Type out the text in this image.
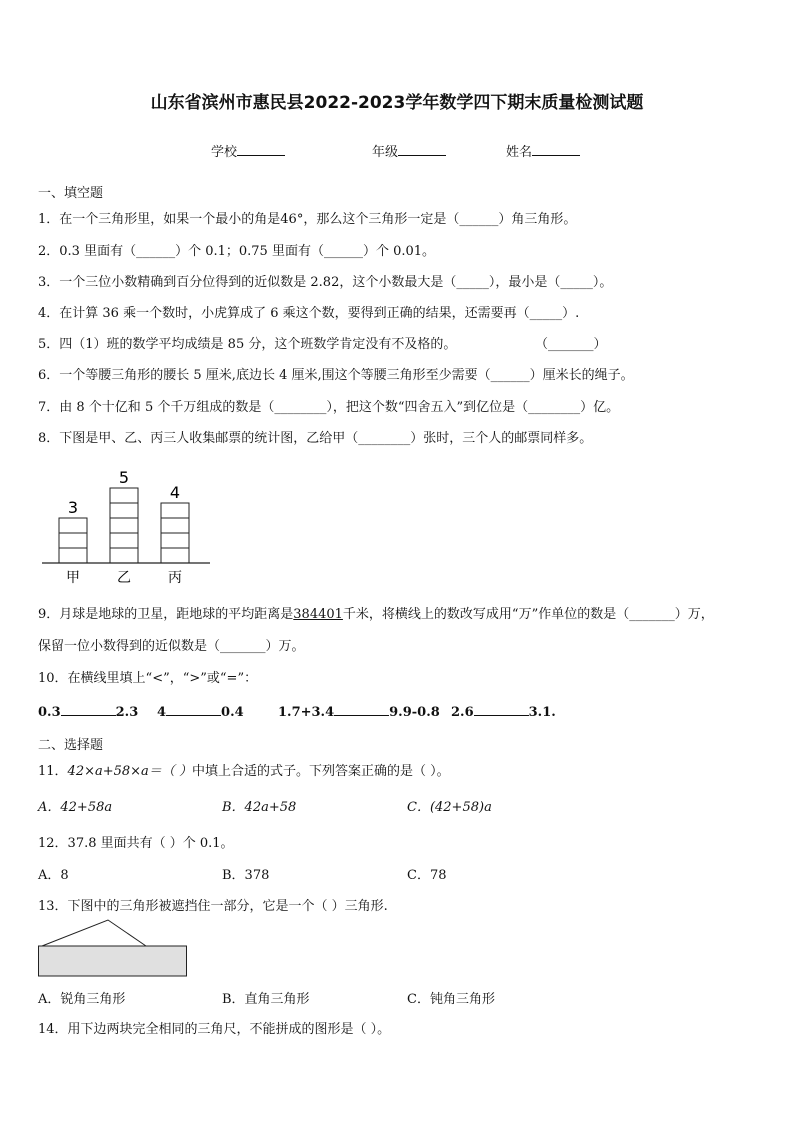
山东省滨州市惠民县2022-2023学年数学四下期末质量检测试题
学校	年级	姓名
一、填空题
1．在一个三角形里，如果一个最小的角是46°，那么这个三角形一定是（______）角三角形。
2．0.3 里面有（______）个 0.1；0.75 里面有（______）个 0.01。
3．一个三位小数精确到百分位得到的近似数是 2.82，这个小数最大是（_____），最小是（_____）。
4．在计算 36 乘一个数时，小虎算成了 6 乘这个数，要得到正确的结果，还需要再（_____）.
5．四（1）班的数学平均成绩是 85 分，这个班数学肯定没有不及格的。	（_______）
6．一个等腰三角形的腰长 5 厘米,底边长 4 厘米,围这个等腰三角形至少需要（______）厘米长的绳子。
7．由 8 个十亿和 5 个千万组成的数是（________），把这个数“四舍五入”到亿位是（________）亿。
8．下图是甲、乙、丙三人收集邮票的统计图，乙给甲（________）张时，三个人的邮票同样多。
3
甲
5
乙
4
丙
9．月球是地球的卫星，距地球的平均距离是384401千米，将横线上的数改写成用“万”作单位的数是（_______）万，
保留一位小数得到的近似数是（_______）万。
10．在横线里填上“<”，“>”或“=”：
0.3	2.3 4	0.4	1.7+3.4	9.9-0.8 2.6	3.1.
二、选择题
11．42×a+58×a＝（ ）中填上合适的式子。下列答案正确的是（ ）。
A．42+58a	B．42a+58	C．(42+58)a
12．37.8 里面共有（ ）个 0.1。
A．8	B．378	C．78
13．下图中的三角形被遮挡住一部分，它是一个（ ）三角形.
A．锐角三角形	B．直角三角形	C．钝角三角形
14．用下边两块完全相同的三角尺，不能拼成的图形是（ ）。
